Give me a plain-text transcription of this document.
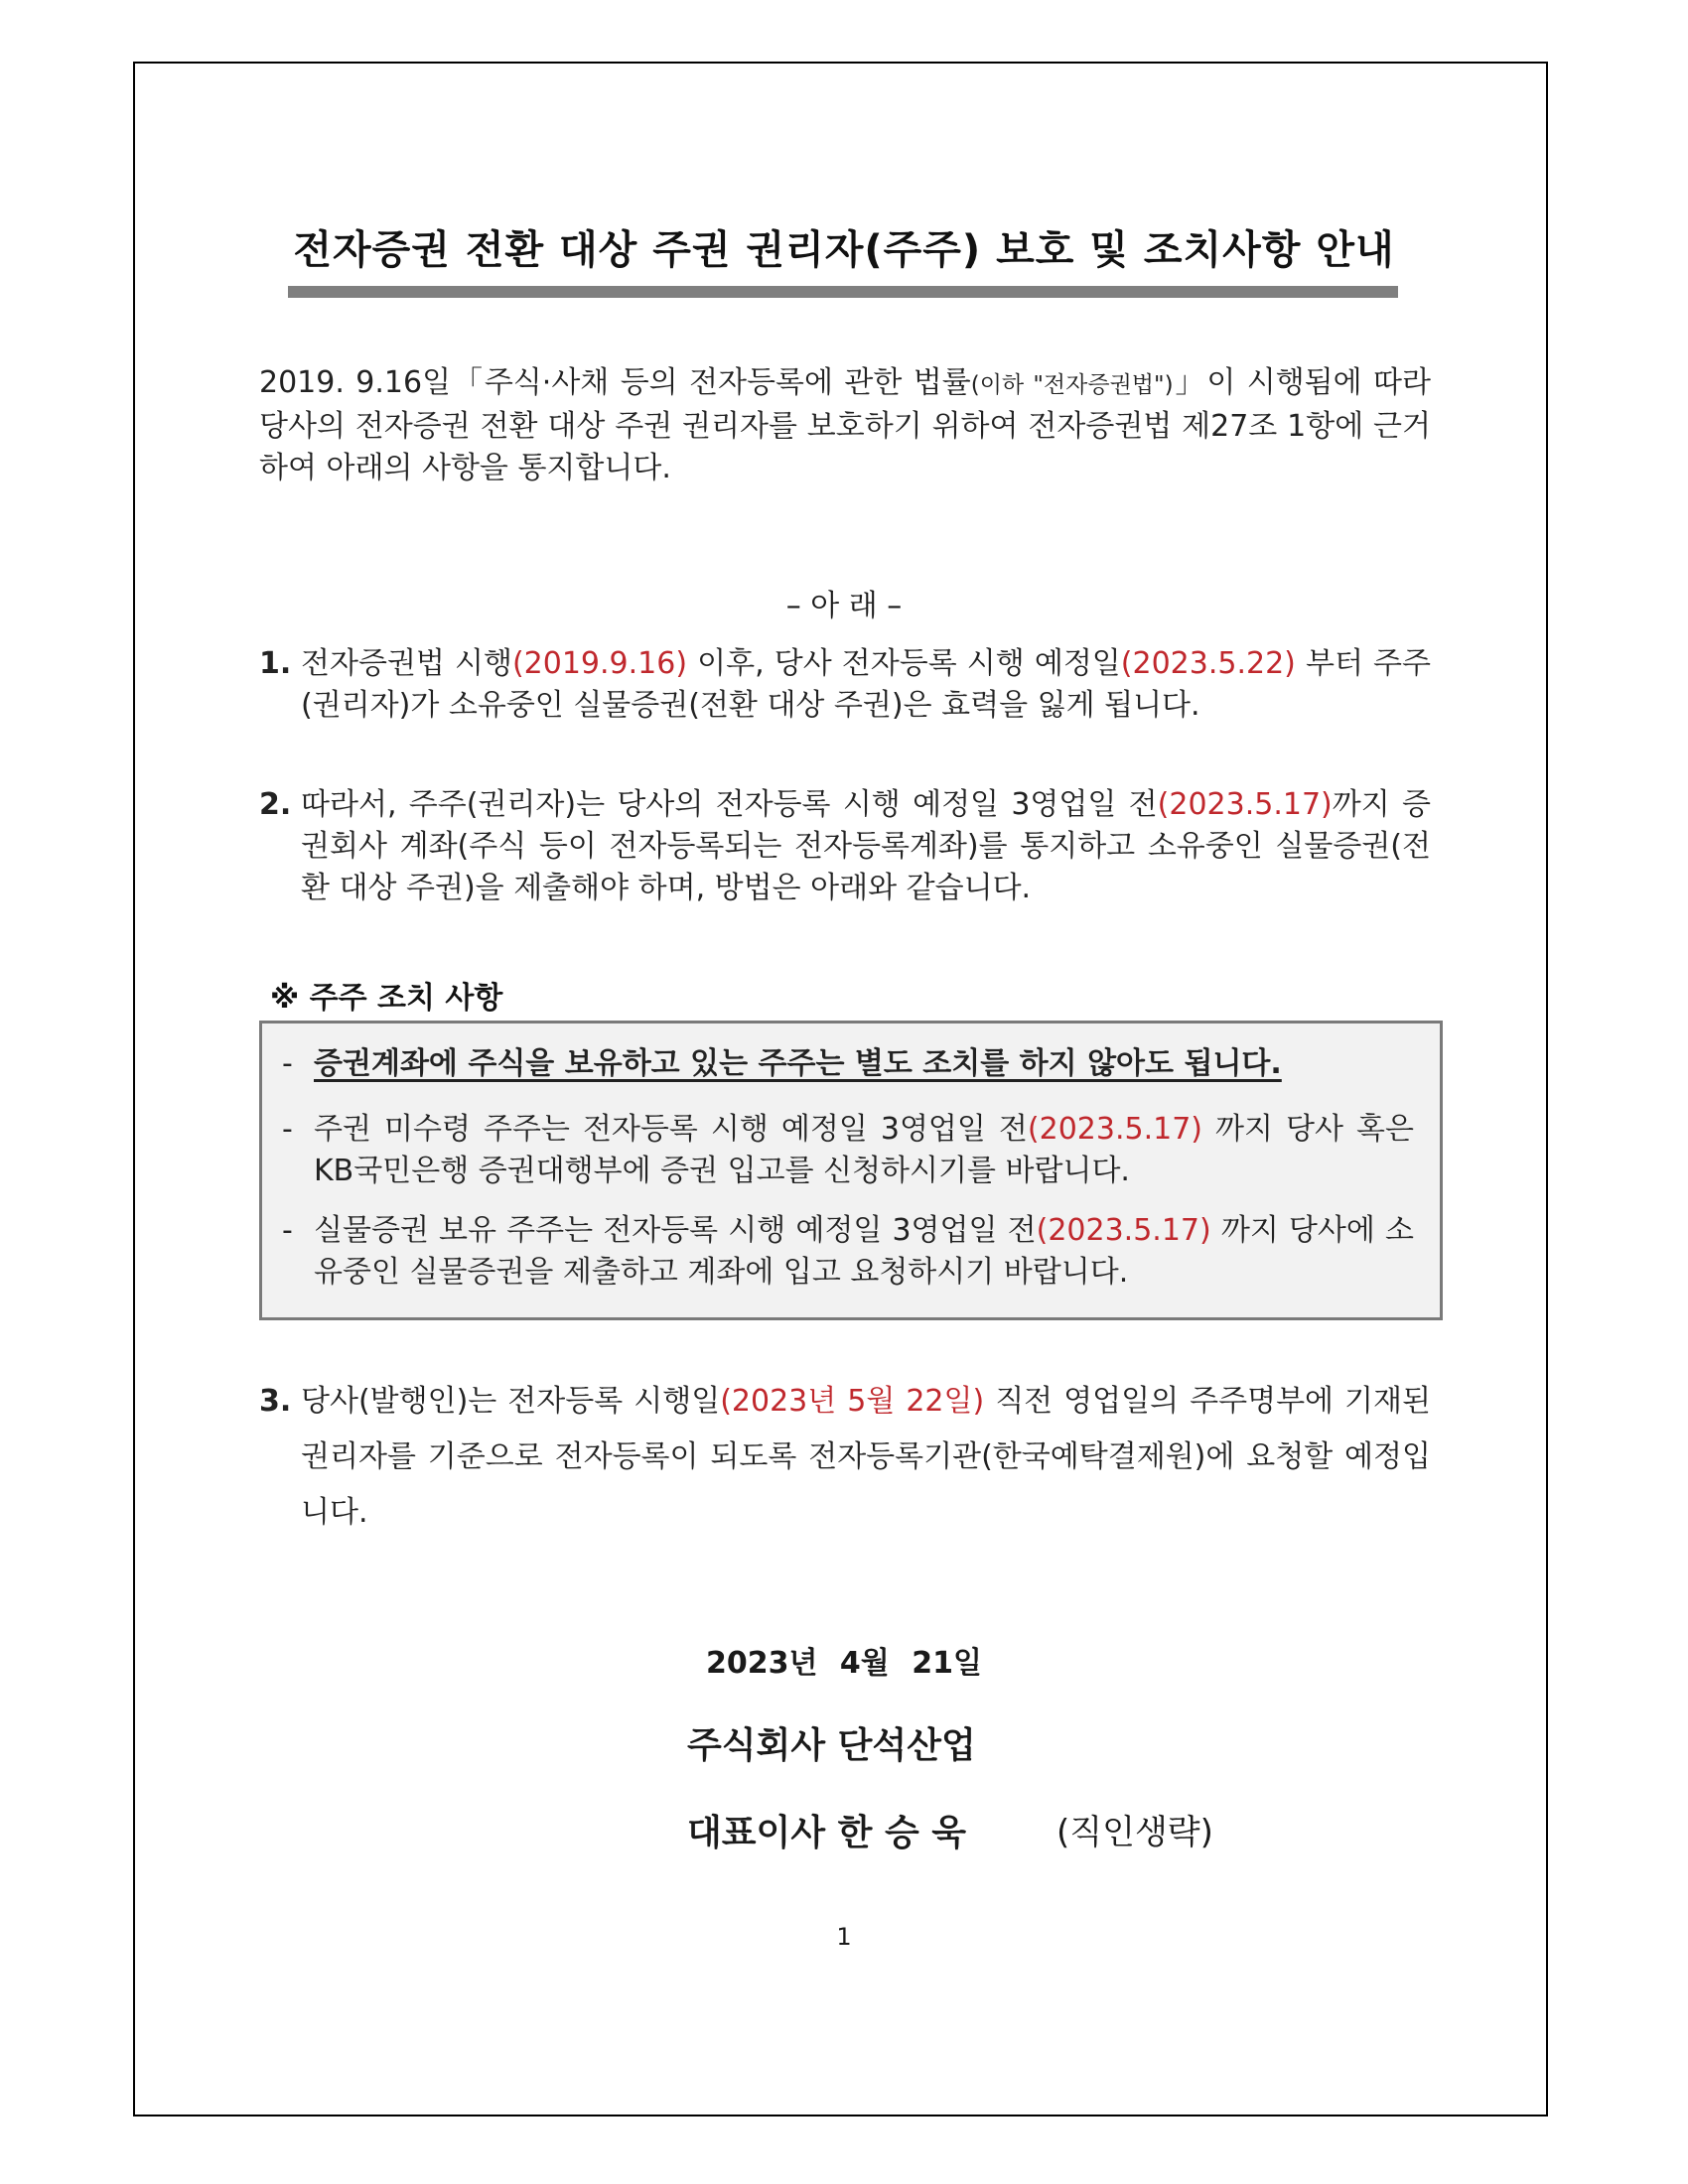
전자증권 전환 대상 주권 권리자(주주) 보호 및 조치사항 안내
2019. 9.16일「주식·사채 등의 전자등록에 관한 법률(이하 "전자증권법")」이 시행됨에 따라 당사의 전자증권 전환 대상 주권 권리자를 보호하기 위하여 전자증권법 제27조 1항에 근거하여 아래의 사항을 통지합니다.
– 아 래 –
1. 전자증권법 시행(2019.9.16) 이후, 당사 전자등록 시행 예정일(2023.5.22) 부터 주주(권리자)가 소유중인 실물증권(전환 대상 주권)은 효력을 잃게 됩니다.
2. 따라서, 주주(권리자)는 당사의 전자등록 시행 예정일 3영업일 전(2023.5.17)까지 증권회사 계좌(주식 등이 전자등록되는 전자등록계좌)를 통지하고 소유중인 실물증권(전환 대상 주권)을 제출해야 하며, 방법은 아래와 같습니다.
※ 주주 조치 사항
- 증권계좌에 주식을 보유하고 있는 주주는 별도 조치를 하지 않아도 됩니다.
- 주권 미수령 주주는 전자등록 시행 예정일 3영업일 전(2023.5.17) 까지 당사 혹은 KB국민은행 증권대행부에 증권 입고를 신청하시기를 바랍니다.
- 실물증권 보유 주주는 전자등록 시행 예정일 3영업일 전(2023.5.17) 까지 당사에 소유중인 실물증권을 제출하고 계좌에 입고 요청하시기 바랍니다.
3. 당사(발행인)는 전자등록 시행일(2023년 5월 22일) 직전 영업일의 주주명부에 기재된 권리자를 기준으로 전자등록이 되도록 전자등록기관(한국예탁결제원)에 요청할 예정입니다.
2023년 4월 21일
주식회사 단석산업
대표이사 한 승 욱	(직인생략)
1
